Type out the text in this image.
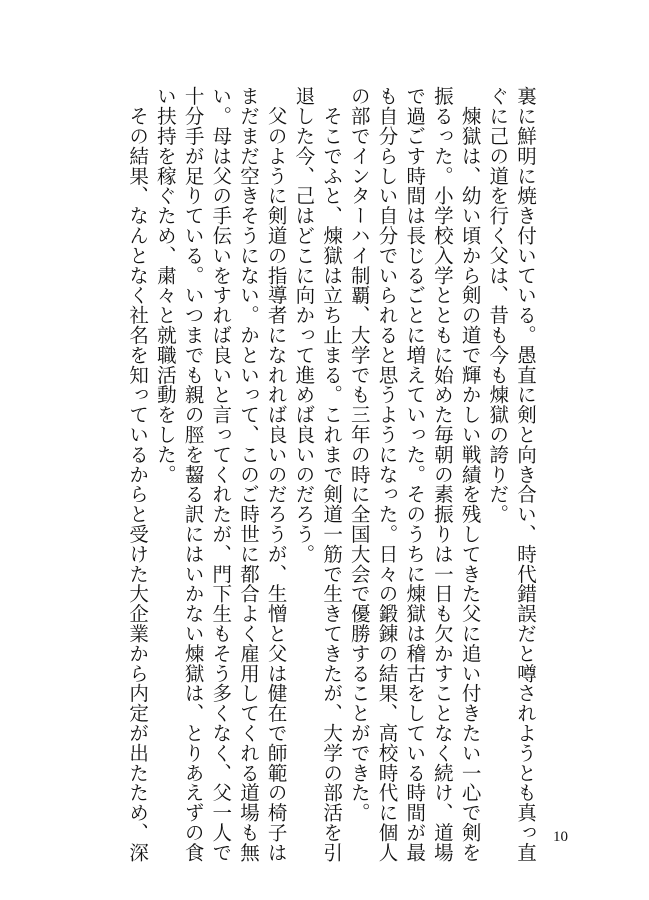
裏に鮮明に焼き付いている。愚直に剣と向き合い、時代錯誤だと噂されようとも真っ直

ぐに己の道を行く父は、昔も今も煉獄の誇りだ。

　煉獄は、幼い頃から剣の道で輝かしい戦績を残してきた父に追い付きたい一心で剣を

振るった。小学校入学とともに始めた毎朝の素振りは一日も欠かすことなく続け、道場

で過ごす時間は長じるごとに増えていった。そのうちに煉獄は稽古をしている時間が最

も自分らしい自分でいられると思うようになった。日々の鍛錬の結果、高校時代に個人

の部でインターハイ制覇、大学でも三年の時に全国大会で優勝することができた。

　そこでふと、煉獄は立ち止まる。これまで剣道一筋で生きてきたが、大学の部活を引

退した今、己はどこに向かって進めば良いのだろう。

　父のように剣道の指導者になれれば良いのだろうが、生憎と父は健在で師範の椅子は

まだまだ空きそうにない。かといって、このご時世に都合よく雇用してくれる道場も無

い。母は父の手伝いをすれば良いと言ってくれたが、門下生もそう多くなく、父一人で

十分手が足りている。いつまでも親の脛を齧る訳にはいかない煉獄は、とりあえずの食

い扶持を稼ぐため、粛々と就職活動をした。

　その結果、なんとなく社名を知っているからと受けた大企業から内定が出たため、深	10
